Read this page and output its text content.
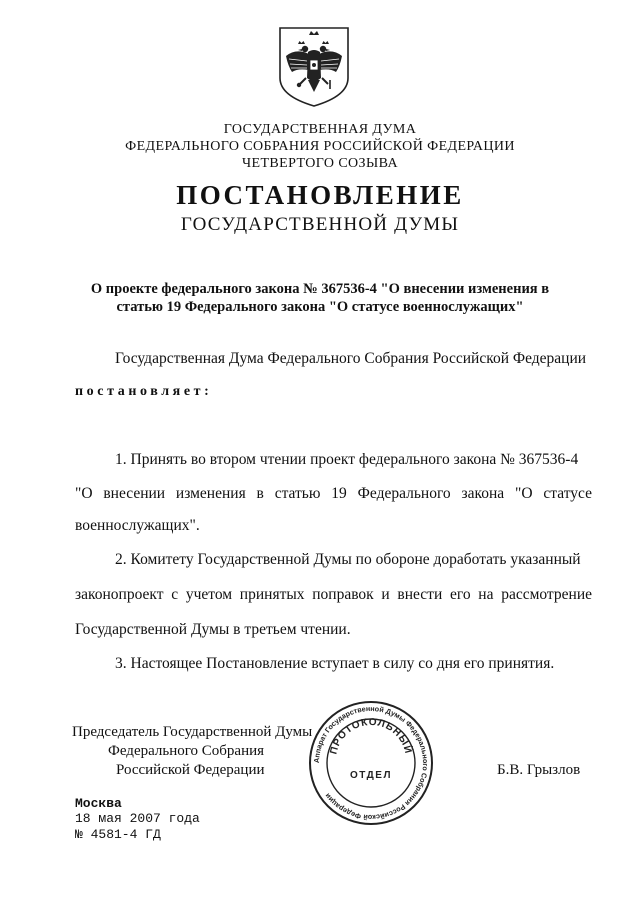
ГОСУДАРСТВЕННАЯ ДУМА
ФЕДЕРАЛЬНОГО СОБРАНИЯ РОССИЙСКОЙ ФЕДЕРАЦИИ
ЧЕТВЕРТОГО СОЗЫВА
ПОСТАНОВЛЕНИЕ
ГОСУДАРСТВЕННОЙ ДУМЫ
О проекте федерального закона № 367536-4 "О внесении изменения в
статью 19 Федерального закона "О статусе военнослужащих"
Государственная Дума Федерального Собрания Российской Федерации
постановляет:
1. Принять во втором чтении проект федерального закона № 367536-4
"О внесении изменения в статью 19 Федерального закона "О статусе
военнослужащих".
2. Комитету Государственной Думы по обороне доработать указанный
законопроект с учетом принятых поправок и внести его на рассмотрение
Государственной Думы в третьем чтении.
3. Настоящее Постановление вступает в силу со дня его принятия.
Председатель Государственной Думы
Федерального Собрания
Российской Федерации	Б.В. Грызлов
Аппарат Государственной Думы Федерального Собрания Российской Федерации
ПРОТОКОЛЬНЫЙ
ОТДЕЛ
Москва
18 мая 2007 года
№ 4581-4 ГД
